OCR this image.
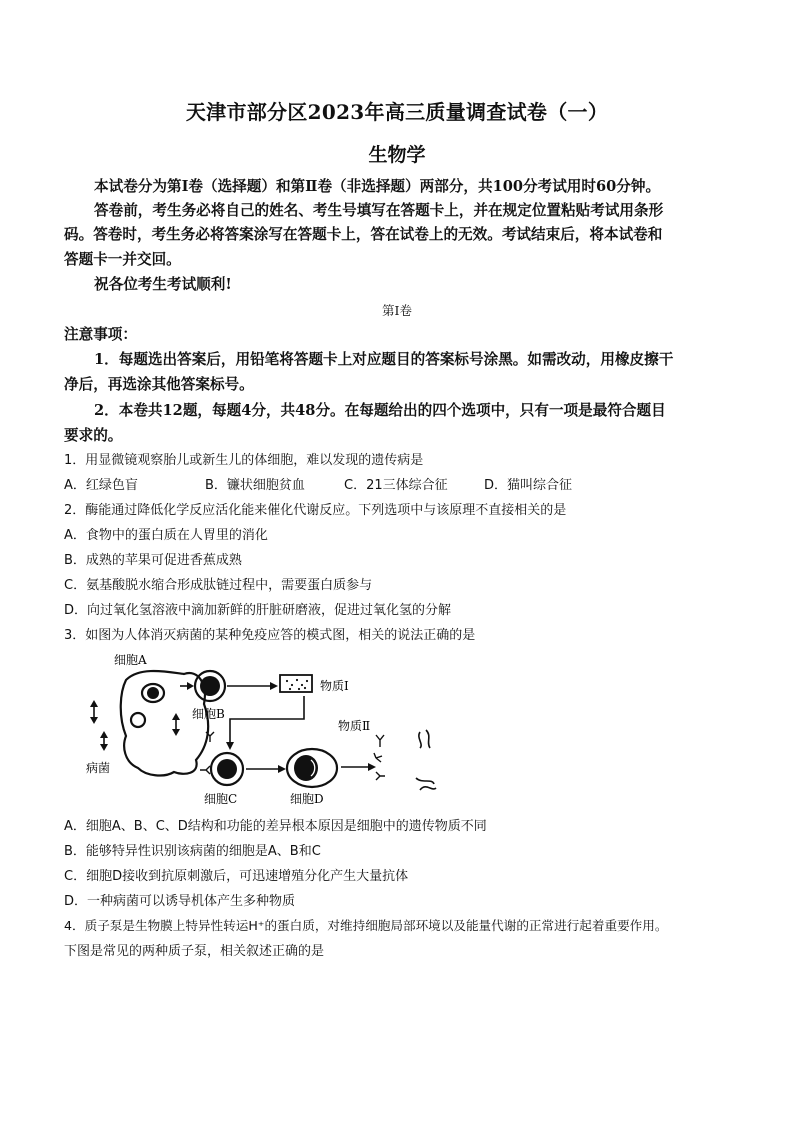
天津市部分区2023年高三质量调查试卷（一）
生物学
本试卷分为第Ⅰ卷（选择题）和第Ⅱ卷（非选择题）两部分，共100分考试用时60分钟。
答卷前，考生务必将自己的姓名、考生号填写在答题卡上，并在规定位置粘贴考试用条形
码。答卷时，考生务必将答案涂写在答题卡上，答在试卷上的无效。考试结束后，将本试卷和
答题卡一并交回。
祝各位考生考试顺利!
第Ⅰ卷
注意事项：
1．每题选出答案后，用铅笔将答题卡上对应题目的答案标号涂黑。如需改动，用橡皮擦干
净后，再选涂其他答案标号。
2．本卷共12题，每题4分，共48分。在每题给出的四个选项中，只有一项是最符合题目
要求的。
1．用显微镜观察胎儿或新生儿的体细胞，难以发现的遗传病是
A．红绿色盲	B．镰状细胞贫血	C．21三体综合征	D．猫叫综合征
2．酶能通过降低化学反应活化能来催化代谢反应。下列选项中与该原理不直接相关的是
A．食物中的蛋白质在人胃里的消化
B．成熟的苹果可促进香蕉成熟
C．氨基酸脱水缩合形成肽链过程中，需要蛋白质参与
D．向过氧化氢溶液中滴加新鲜的肝脏研磨液，促进过氧化氢的分解
3．如图为人体消灭病菌的某种免疫应答的模式图，相关的说法正确的是
细胞A
细胞B
物质Ⅰ
物质Ⅱ
病菌
细胞C	细胞D
A．细胞A、B、C、D结构和功能的差异根本原因是细胞中的遗传物质不同
B．能够特异性识别该病菌的细胞是A、B和C
C．细胞D接收到抗原刺激后，可迅速增殖分化产生大量抗体
D．一种病菌可以诱导机体产生多种物质
4．质子泵是生物膜上特异性转运H⁺的蛋白质，对维持细胞局部环境以及能量代谢的正常进行起着重要作用。
下图是常见的两种质子泵，相关叙述正确的是
